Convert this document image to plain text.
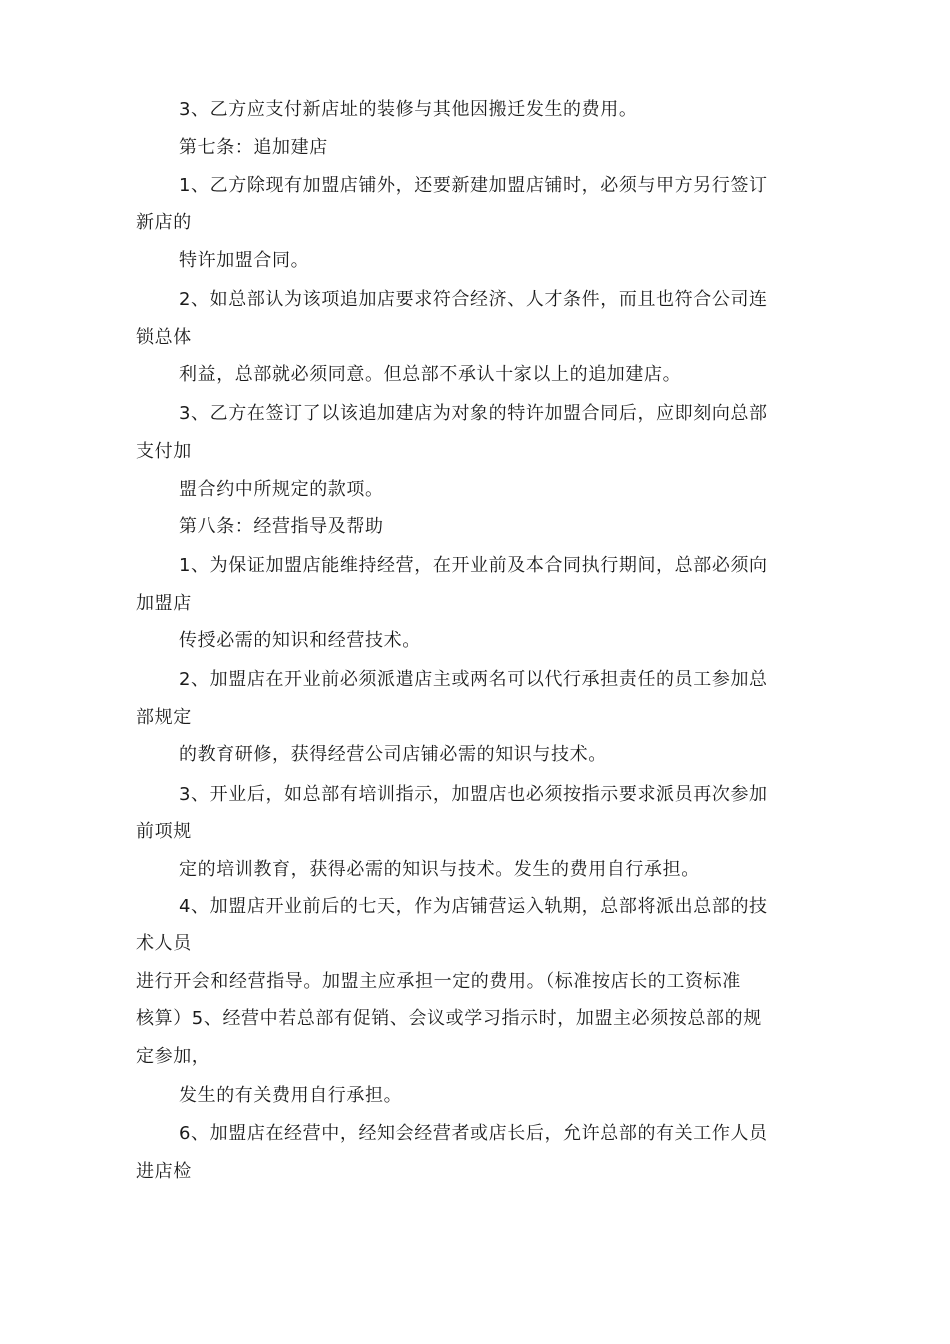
3、乙方应支付新店址的装修与其他因搬迁发生的费用。
第七条：追加建店
1、乙方除现有加盟店铺外，还要新建加盟店铺时，必须与甲方另行签订
新店的
特许加盟合同。
2、如总部认为该项追加店要求符合经济、人才条件，而且也符合公司连
锁总体
利益，总部就必须同意。但总部不承认十家以上的追加建店。
3、乙方在签订了以该追加建店为对象的特许加盟合同后，应即刻向总部
支付加
盟合约中所规定的款项。
第八条：经营指导及帮助
1、为保证加盟店能维持经营，在开业前及本合同执行期间，总部必须向
加盟店
传授必需的知识和经营技术。
2、加盟店在开业前必须派遣店主或两名可以代行承担责任的员工参加总
部规定
的教育研修，获得经营公司店铺必需的知识与技术。
3、开业后，如总部有培训指示，加盟店也必须按指示要求派员再次参加
前项规
定的培训教育，获得必需的知识与技术。发生的费用自行承担。
4、加盟店开业前后的七天，作为店铺营运入轨期，总部将派出总部的技
术人员
进行开会和经营指导。加盟主应承担一定的费用。（标准按店长的工资标准
核算）5、经营中若总部有促销、会议或学习指示时，加盟主必须按总部的规
定参加，
发生的有关费用自行承担。
6、加盟店在经营中，经知会经营者或店长后，允许总部的有关工作人员
进店检
